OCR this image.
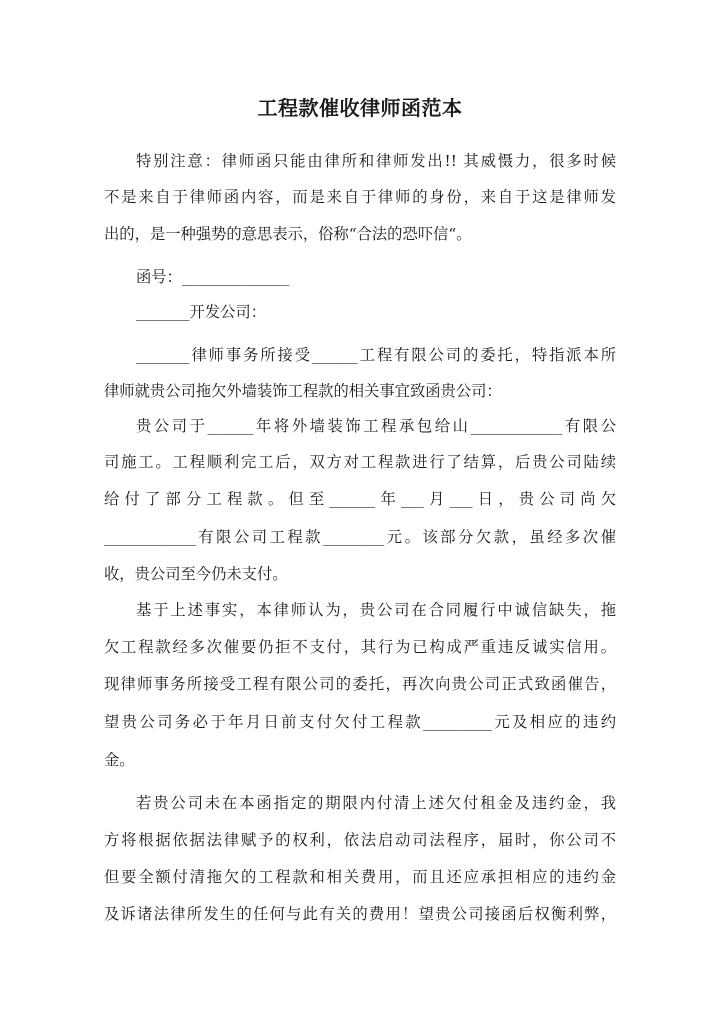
工程款催收律师函范本
特别注意：律师函只能由律所和律师发出!! 其威慑力，很多时候
不是来自于律师函内容，而是来自于律师的身份，来自于这是律师发
出的，是一种强势的意思表示，俗称“合法的恐吓信“。
函号：______________
_______开发公司：
_______律师事务所接受______工程有限公司的委托，特指派本所
律师就贵公司拖欠外墙装饰工程款的相关事宜致函贵公司：
贵公司于______年将外墙装饰工程承包给山____________有限公
司施工。工程顺利完工后，双方对工程款进行了结算，后贵公司陆续
给付了部分工程款。但至______年___月___日，贵公司尚欠
____________有限公司工程款________元。该部分欠款，虽经多次催
收，贵公司至今仍未支付。
基于上述事实，本律师认为，贵公司在合同履行中诚信缺失，拖
欠工程款经多次催要仍拒不支付，其行为已构成严重违反诚实信用。
现律师事务所接受工程有限公司的委托，再次向贵公司正式致函催告，
望贵公司务必于年月日前支付欠付工程款_________元及相应的违约
金。
若贵公司未在本函指定的期限内付清上述欠付租金及违约金，我
方将根据依据法律赋予的权利，依法启动司法程序，届时，你公司不
但要全额付清拖欠的工程款和相关费用，而且还应承担相应的违约金
及诉诸法律所发生的任何与此有关的费用！望贵公司接函后权衡利弊，
